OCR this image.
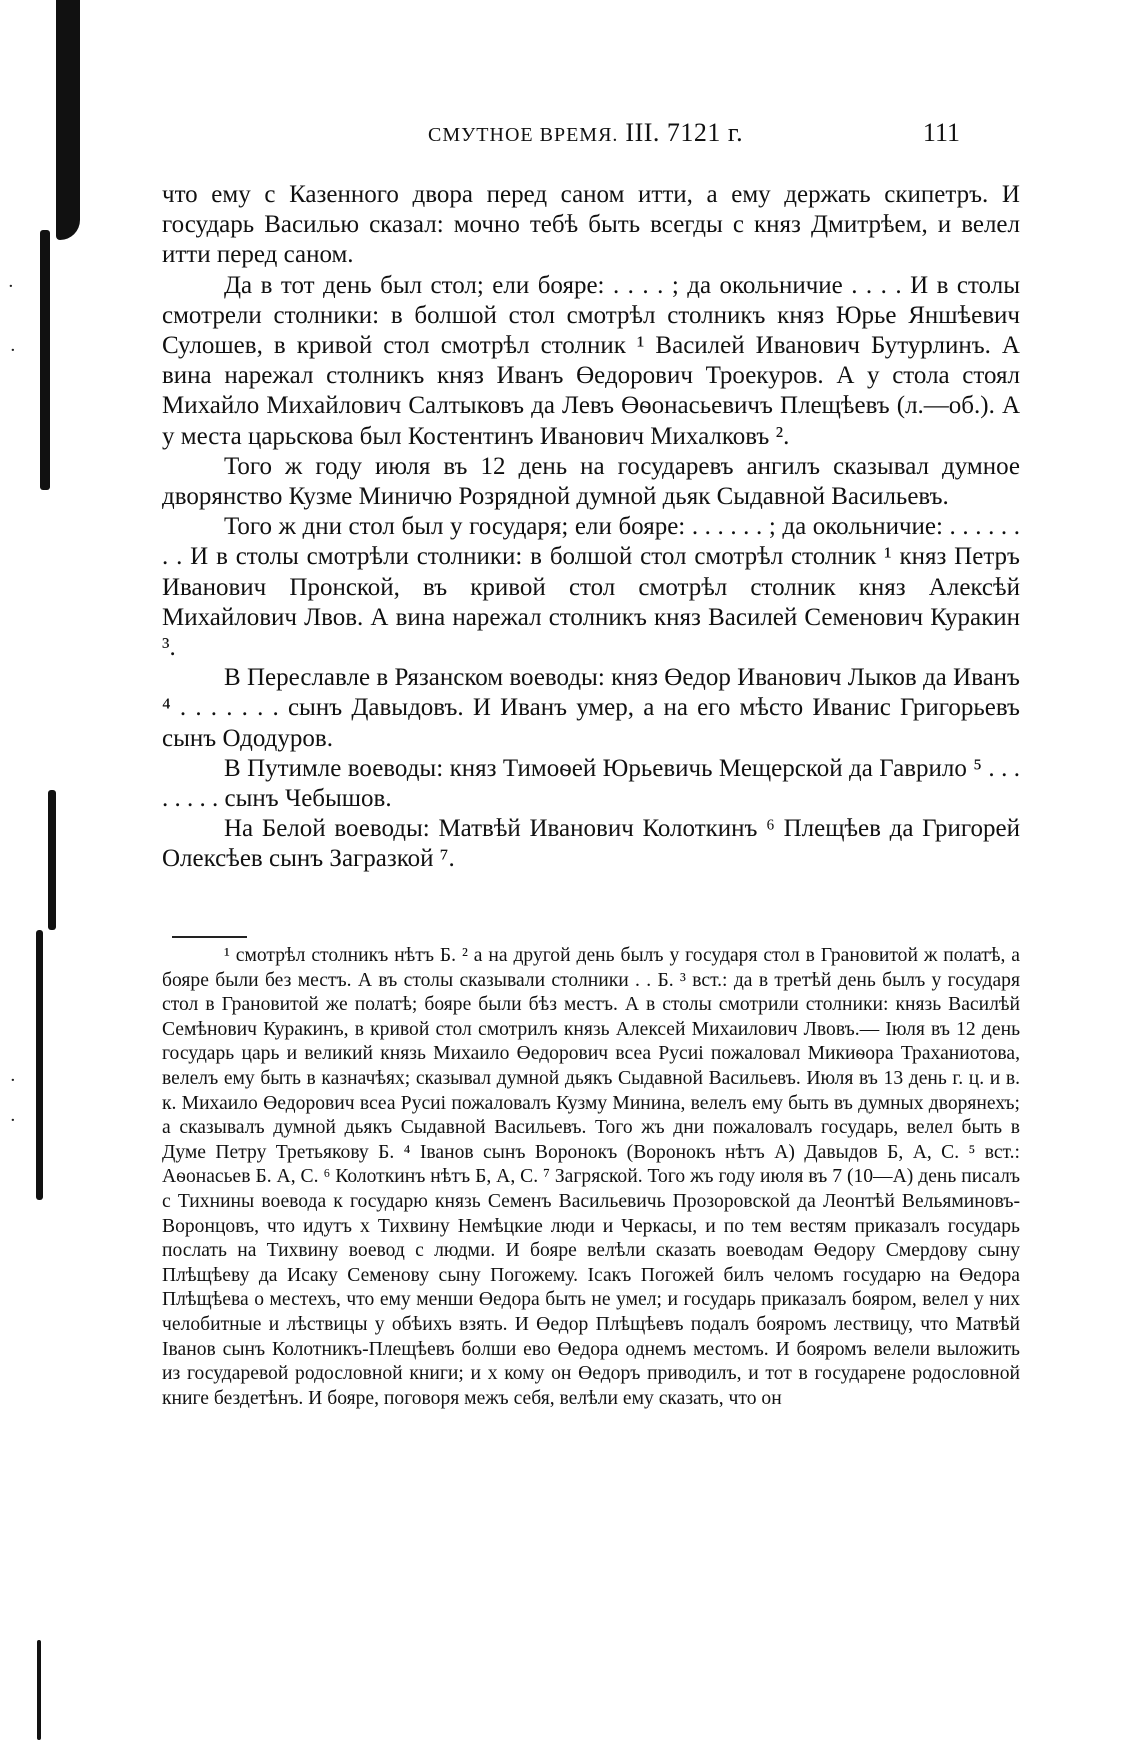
·
·
·
·
СМУТНОЕ ВРЕМЯ. III. 7121 г.	111

что ему с Казенного двора перед саном итти, а ему держать скипетръ. И государь Василью сказал: мочно тебѣ быть всегды с княз Дмитрѣем, и велел итти перед саном.

Да в тот день был стол; ели бояре: . . . . ; да окольничие . . . . И в столы смотрели столники: в болшой стол смотрѣл столникъ княз Юрье Яншѣевич Сулошев, в кривой стол смотрѣл столник ¹ Василей Иванович Бутурлинъ. А вина нарежал столникъ княз Иванъ Өедорович Троекуров. А у стола стоял Михайло Михайлович Салтыковъ да Левъ Өѳонасьевичъ Плещѣевъ (л.—об.). А у места царьскова был Костентинъ Иванович Михалковъ ².

Того ж году июля въ 12 день на государевъ ангилъ сказывал думное дворянство Кузме Миничю Розрядной думной дьяк Сыдавной Васильевъ.

Того ж дни стол был у государя; ели бояре: . . . . . . ; да окольничие: . . . . . . . . И в столы смотрѣли столники: в болшой стол смотрѣл столник ¹ княз Петръ Иванович Пронской, въ кривой стол смотрѣл столник княз Алексѣй Михайлович Лвов. А вина нарежал столникъ княз Василей Семенович Куракин ³.

В Переславле в Рязанском воеводы: княз Өедор Иванович Лыков да Иванъ ⁴ . . . . . . . сынъ Давыдовъ. И Иванъ умер, а на его мѣсто Иванис Григорьевъ сынъ Ододуров.

В Путимле воеводы: княз Тимоѳей Юрьевичь Мещерской да Гаврило ⁵ . . . . . . . . сынъ Чебышов.

На Белой воеводы: Матвѣй Иванович Колоткинъ ⁶ Плещѣев да Григорей Олексѣев сынъ Загразкой ⁷.

¹ смотрѣл столникъ нѣтъ Б. ² а на другой день былъ у государя стол в Грановитой ж полатѣ, а бояре были без местъ. А въ столы сказывали столники . . Б. ³ вст.: да в третѣй день былъ у государя стол в Грановитой же полатѣ; бояре были бѣз местъ. А в столы смотрили столники: князь Василѣй Семѣнович Куракинъ, в кривой стол смотрилъ князь Алексей Михаилович Лвовъ.— Іюля въ 12 день государь царь и великий князь Михаило Өедорович всеа Русиі пожаловал Микиѳора Траханиотова, велелъ ему быть в казначѣях; сказывал думной дьякъ Сыдавной Васильевъ. Июля въ 13 день г. ц. и в. к. Михаило Өедорович всеа Русиі пожаловалъ Кузму Минина, велелъ ему быть въ думных дворянехъ; а сказывалъ думной дьякъ Сыдавной Васильевъ. Того жъ дни пожаловалъ государь, велел быть в Думе Петру Третьякову Б. ⁴ Іванов сынъ Воронокъ (Воронокъ нѣтъ А) Давыдов Б, А, С. ⁵ вст.: Аѳонасьев Б. А, С. ⁶ Колоткинъ нѣтъ Б, А, С. ⁷ Загряской. Того жъ году июля въ 7 (10—А) день писалъ с Тихнины воевода к государю князь Семенъ Васильевичь Прозоровской да Леонтѣй Вельяминовъ-Воронцовъ, что идутъ х Тихвину Немѣцкие люди и Черкасы, и по тем вестям приказалъ государь послать на Тихвину воевод с людми. И бояре велѣли сказать воеводам Өедору Смердову сыну Плѣщѣеву да Исаку Семенову сыну Погожему. Ісакъ Погожей билъ челомъ государю на Өедора Плѣщѣева о местехъ, что ему менши Өедора быть не умел; и государь приказалъ бояром, велел у них челобитные и лѣствицы у обѣихъ взять. И Өедор Плѣщѣевъ подалъ бояромъ лествицу, что Матвѣй Іванов сынъ Колотникъ-Плещѣевъ болши ево Өедора однемъ местомъ. И бояромъ велели выложить из государевой родословной книги; и х кому он Өедоръ приводилъ, и тот в государене родословной книге бездетѣнъ. И бояре, поговоря межъ себя, велѣли ему сказать, что он
